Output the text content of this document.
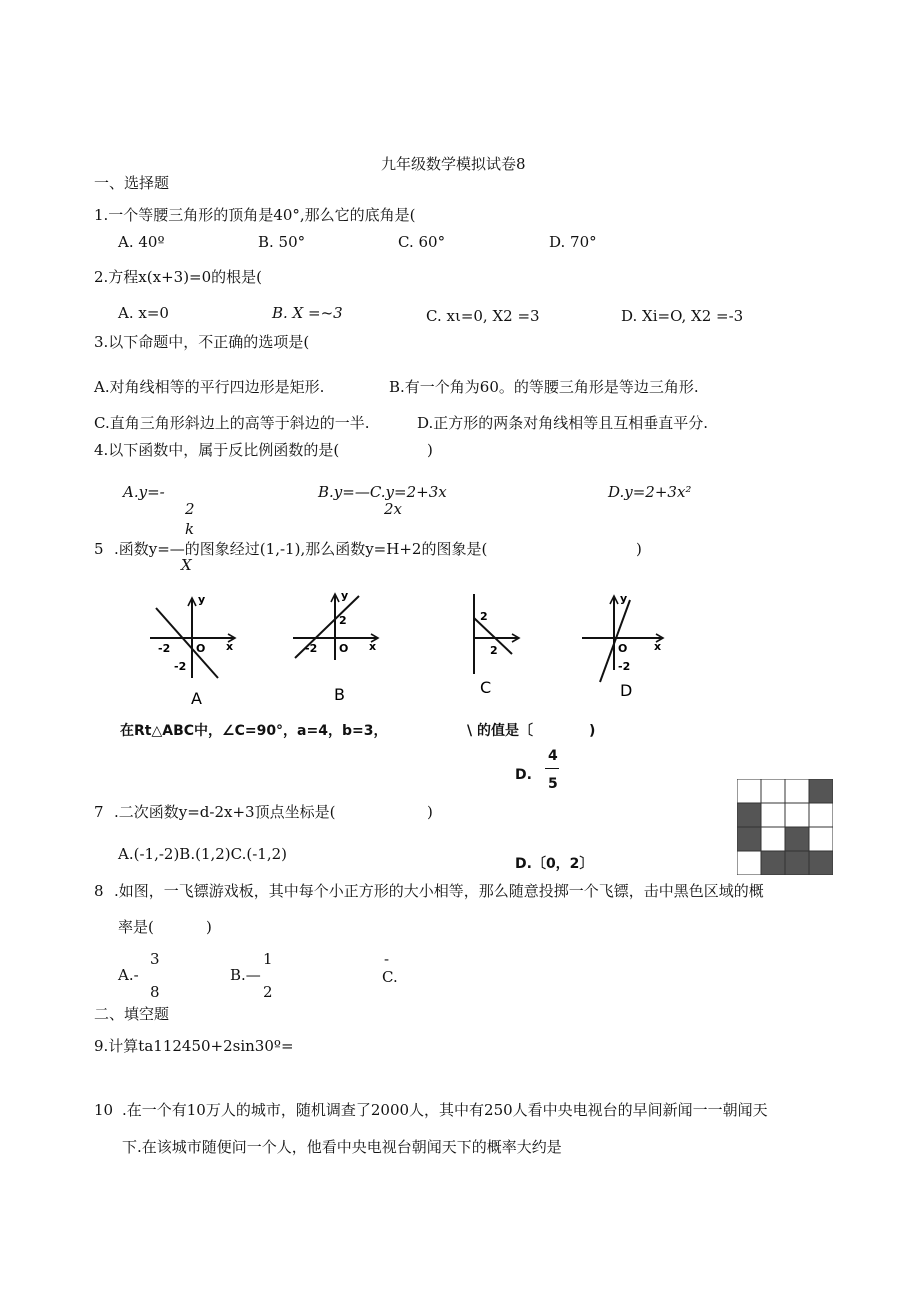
九年级数学模拟试卷8
一、选择题
1.一个等腰三角形的顶角是40°,那么它的底角是(
A. 40º	B. 50°	C. 60°	D. 70°
2.方程x(x+3)=0的根是(
A. x=0	B. X =~3	C. xι=0, X2 =3	D. Xi=O, X2 =-3
3.以下命题中，不正确的选项是(
A.对角线相等的平行四边形是矩形.	B.有一个角为60。的等腰三角形是等边三角形.
C.直角三角形斜边上的高等于斜边的一半.	D.正方形的两条对角线相等且互相垂直平分.
4.以下函数中，属于反比例函数的是(	)
A.y=-
2
k
B.y=—C.y=2+3x
2x
D.y=2+3x²
5 .函数y=—的图象经过(1,-1),那么函数y=H+2的图象是(	)
X
y
x
-2 O
-2
A
y
x
-2 O
2
B
2
2
C
O
-2
y
x
D
在Rt△ABC中，∠C=90°，a=4，b=3，	\ 的值是〔	)
D.
4
5
7 .二次函数y=d-2x+3顶点坐标是(	)
A.(-1,-2)B.(1,2)C.(-1,2)
D.〔0，2〕
8 .如图，一飞镖游戏板，其中每个小正方形的大小相等，那么随意投掷一个飞镖，击中黑色区域的概
率是(	)
3
A.-
8
1
B.—
2
-
C.
二、填空题
9.计算ta112450+2sin30º=
10 .在一个有10万人的城市，随机调查了2000人，其中有250人看中央电视台的早间新闻一一朝闻天
下.在该城市随便问一个人，他看中央电视台朝闻天下的概率大约是
